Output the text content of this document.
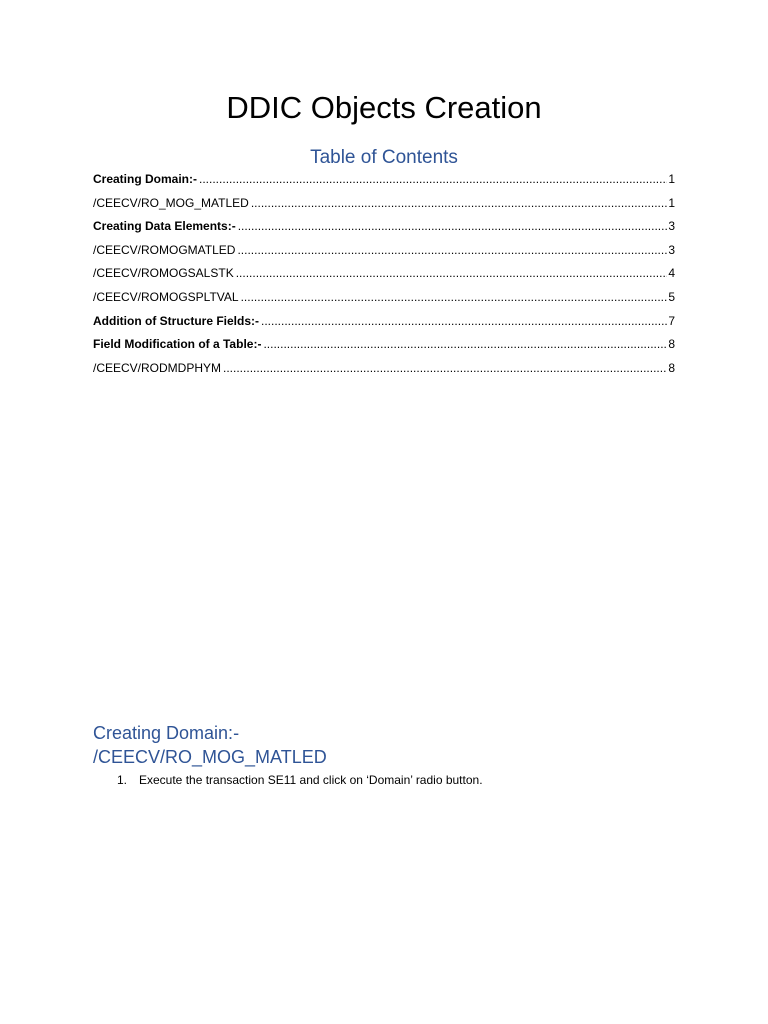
DDIC Objects Creation
Table of Contents
Creating Domain:- .....	1
/CEECV/RO_MOG_MATLED .....	1
Creating Data Elements:- .....	3
/CEECV/ROMOGMATLED .....	3
/CEECV/ROMOGSALSTK .....	4
/CEECV/ROMOGSPLTVAL .....	5
Addition of Structure Fields:- .....	7
Field Modification of a Table:- .....	8
/CEECV/RODMDPHYM .....	8
Creating Domain:-
/CEECV/RO_MOG_MATLED
1. Execute the transaction SE11 and click on ‘Domain’ radio button.
